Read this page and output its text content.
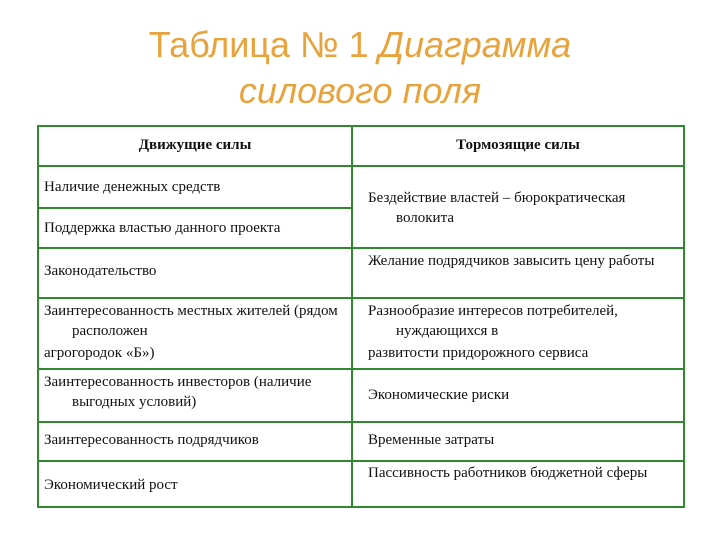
Таблица № 1 Диаграмма
силового поля
Движущие силы	Тормозящие силы
Наличие денежных средств
Поддержка властью данного проекта
Законодательство
Заинтересованность местных жителей (рядом расположен
агрогородок «Б»)
Заинтересованность инвесторов (наличие выгодных условий)
Заинтересованность подрядчиков
Экономический рост
Бездействие властей – бюрократическая волокита
Желание подрядчиков завысить цену работы
Разнообразие интересов потребителей, нуждающихся в
развитости придорожного сервиса
Экономические риски
Временные затраты
Пассивность работников бюджетной сферы
